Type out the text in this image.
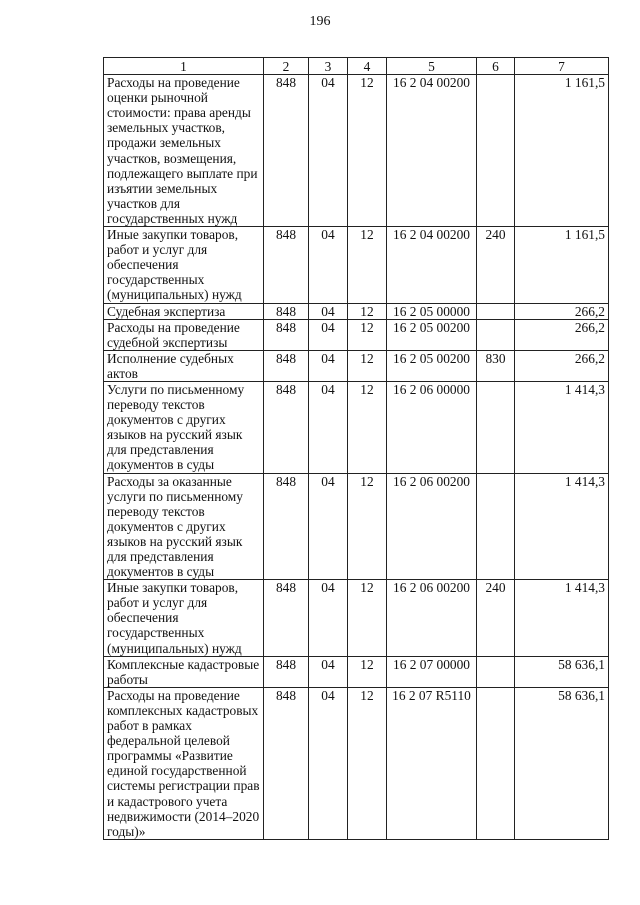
196
1	2	3	4	5	6	7
Расходы на проведение оценки рыночной стоимости: права аренды земельных участков, продажи земельных участков, возмещения, подлежащего выплате при изъятии земельных участков для государственных нужд	848	04	12	16 2 04 00200		1 161,5
Иные закупки товаров, работ и услуг для обеспечения государственных (муниципальных) нужд	848	04	12	16 2 04 00200	240	1 161,5
Судебная экспертиза	848	04	12	16 2 05 00000		266,2
Расходы на проведение судебной экспертизы	848	04	12	16 2 05 00200		266,2
Исполнение судебных актов	848	04	12	16 2 05 00200	830	266,2
Услуги по письменному переводу текстов документов с других языков на русский язык для представления документов в суды	848	04	12	16 2 06 00000		1 414,3
Расходы за оказанные услуги по письменному переводу текстов документов с других языков на русский язык для представления документов в суды	848	04	12	16 2 06 00200		1 414,3
Иные закупки товаров, работ и услуг для обеспечения государственных (муниципальных) нужд	848	04	12	16 2 06 00200	240	1 414,3
Комплексные кадастровые работы	848	04	12	16 2 07 00000		58 636,1
Расходы на проведение комплексных кадастровых работ в рамках федеральной целевой программы «Развитие единой государственной системы регистрации прав и кадастрового учета недвижимости (2014–2020 годы)»	848	04	12	16 2 07 R5110		58 636,1
